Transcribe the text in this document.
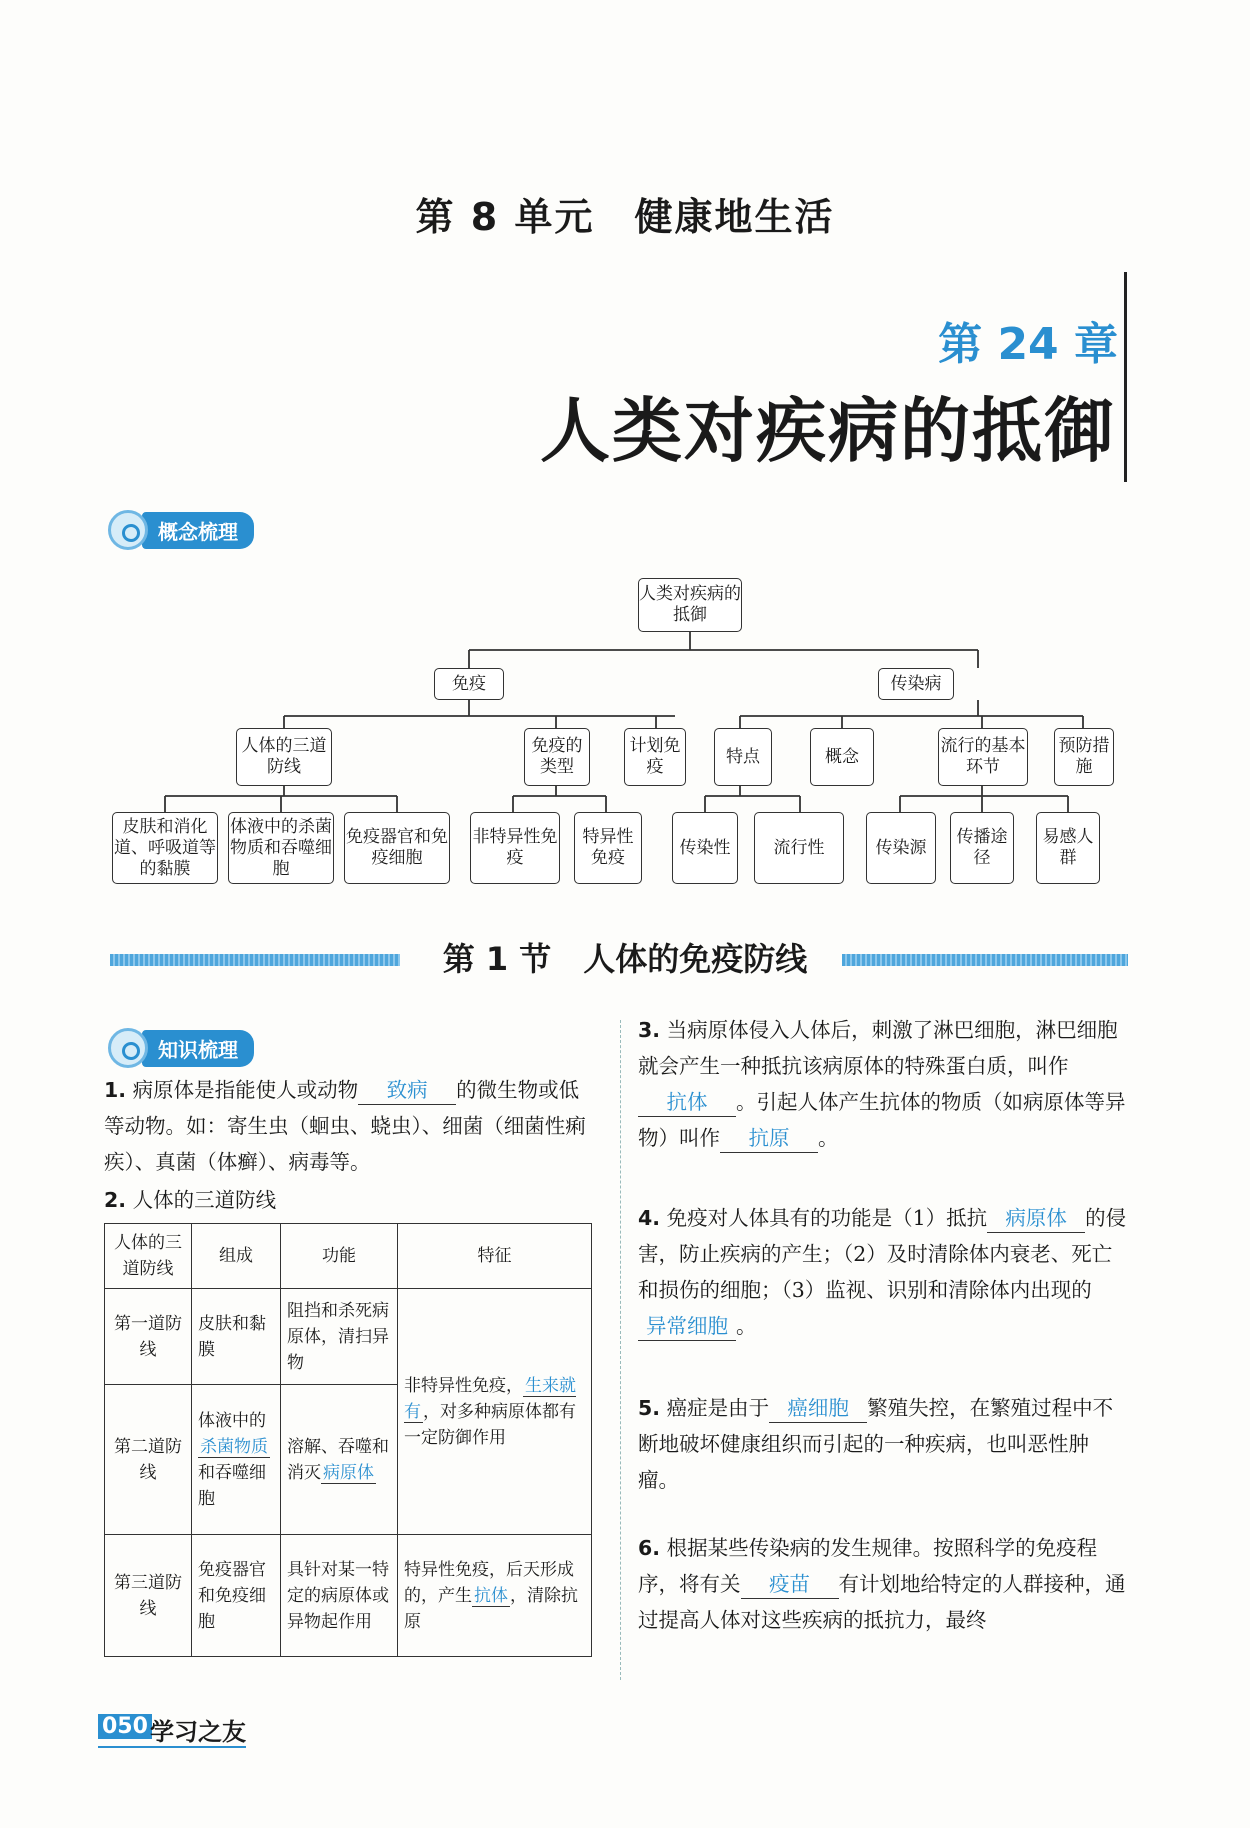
第 8 单元　健康地生活
第 24 章
人类对疾病的抵御
概念梳理
人类对疾病的抵御
免疫	传染病
人体的三道防线
免疫的类型
计划免疫
特点	概念
流行的基本环节
预防措施
皮肤和消化道、呼吸道等的黏膜
体液中的杀菌物质和吞噬细胞
免疫器官和免疫细胞
非特异性免疫
特异性免疫
传染性	流行性	传染源
传播途径
易感人群
第 1 节　人体的免疫防线
知识梳理
1. 病原体是指能使人或动物 致病 的微生物或低等动物。如：寄生虫（蛔虫、蛲虫）、细菌（细菌性痢疾）、真菌（体癣）、病毒等。
2. 人体的三道防线
人体的三道防线	组成	功能	特征
第一道防线	皮肤和黏膜	阻挡和杀死病原体，清扫异物	非特异性免疫， 生来就有 ，对多种病原体都有一定防御作用
第二道防线	体液中的杀菌物质和吞噬细胞	溶解、吞噬和消灭 病原体	
第三道防线	免疫器官和免疫细胞	具针对某一特定的病原体或异物起作用	特异性免疫，后天形成的，产生 抗体 ，清除抗原
3. 当病原体侵入人体后，刺激了淋巴细胞，淋巴细胞就会产生一种抵抗该病原体的特殊蛋白质，叫作抗体 。引起人体产生抗体的物质（如病原体等异物）叫作 抗原 。
4. 免疫对人体具有的功能是（1）抵抗 病原体 的侵害，防止疾病的产生；（2）及时清除体内衰老、死亡和损伤的细胞；（3）监视、识别和清除体内出现的异常细胞 。
5. 癌症是由于 癌细胞 繁殖失控，在繁殖过程中不断地破坏健康组织而引起的一种疾病，也叫恶性肿瘤。
6. 根据某些传染病的发生规律。按照科学的免疫程序，将有关 疫苗 有计划地给特定的人群接种，通过提高人体对这些疾病的抵抗力，最终
050 学习之友
